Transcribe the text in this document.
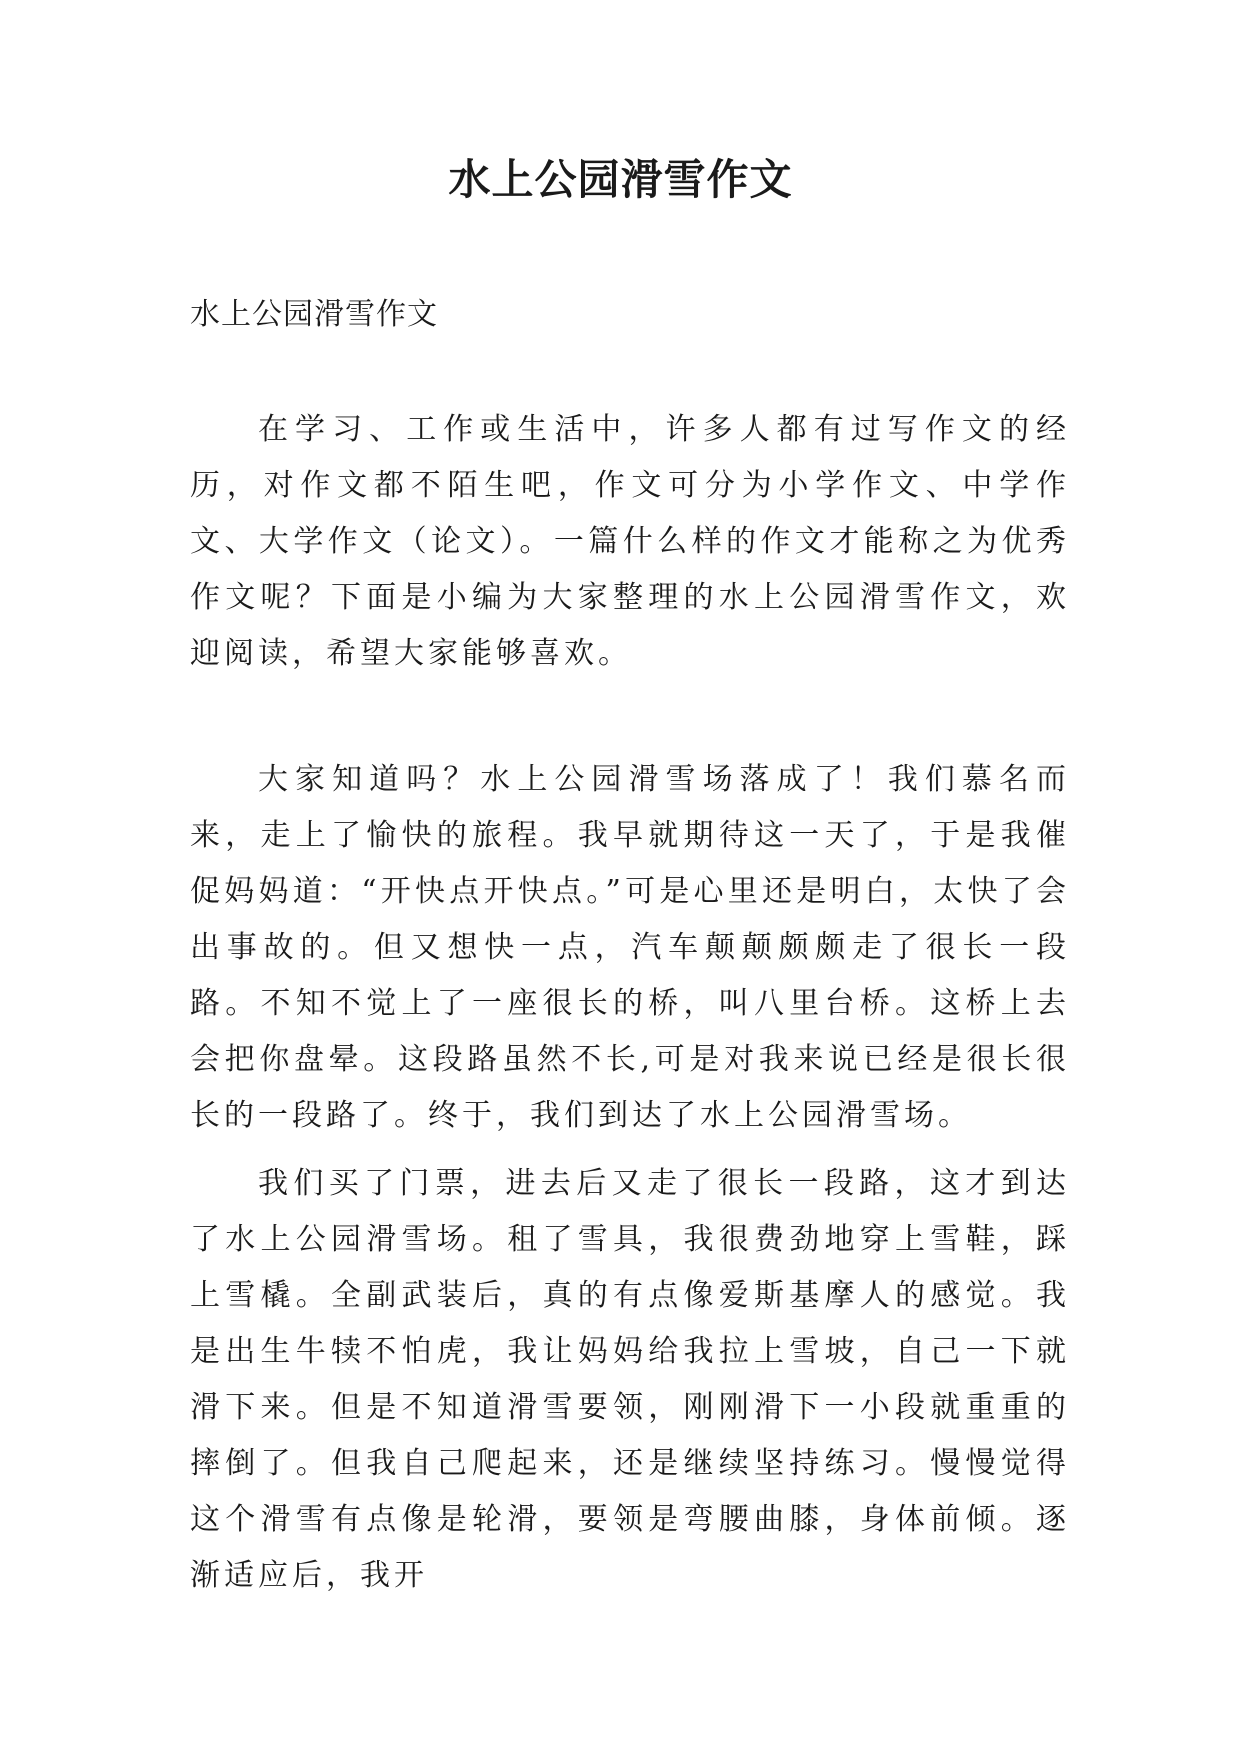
水上公园滑雪作文

水上公园滑雪作文

在学习、工作或生活中，许多人都有过写作文的经历，对作文都不陌生吧，作文可分为小学作文、中学作文、大学作文（论文）。一篇什么样的作文才能称之为优秀作文呢？下面是小编为大家整理的水上公园滑雪作文，欢迎阅读，希望大家能够喜欢。

大家知道吗？水上公园滑雪场落成了！我们慕名而来，走上了愉快的旅程。我早就期待这一天了，于是我催促妈妈道：“开快点开快点。”可是心里还是明白，太快了会出事故的。但又想快一点，汽车颠颠颇颇走了很长一段路。不知不觉上了一座很长的桥，叫八里台桥。这桥上去会把你盘晕。这段路虽然不长,可是对我来说已经是很长很长的一段路了。终于，我们到达了水上公园滑雪场。

我们买了门票，进去后又走了很长一段路，这才到达了水上公园滑雪场。租了雪具，我很费劲地穿上雪鞋，踩上雪橇。全副武装后，真的有点像爱斯基摩人的感觉。我是出生牛犊不怕虎，我让妈妈给我拉上雪坡，自己一下就滑下来。但是不知道滑雪要领，刚刚滑下一小段就重重的摔倒了。但我自己爬起来，还是继续坚持练习。慢慢觉得这个滑雪有点像是轮滑，要领是弯腰曲膝，身体前倾。逐渐适应后，我开
